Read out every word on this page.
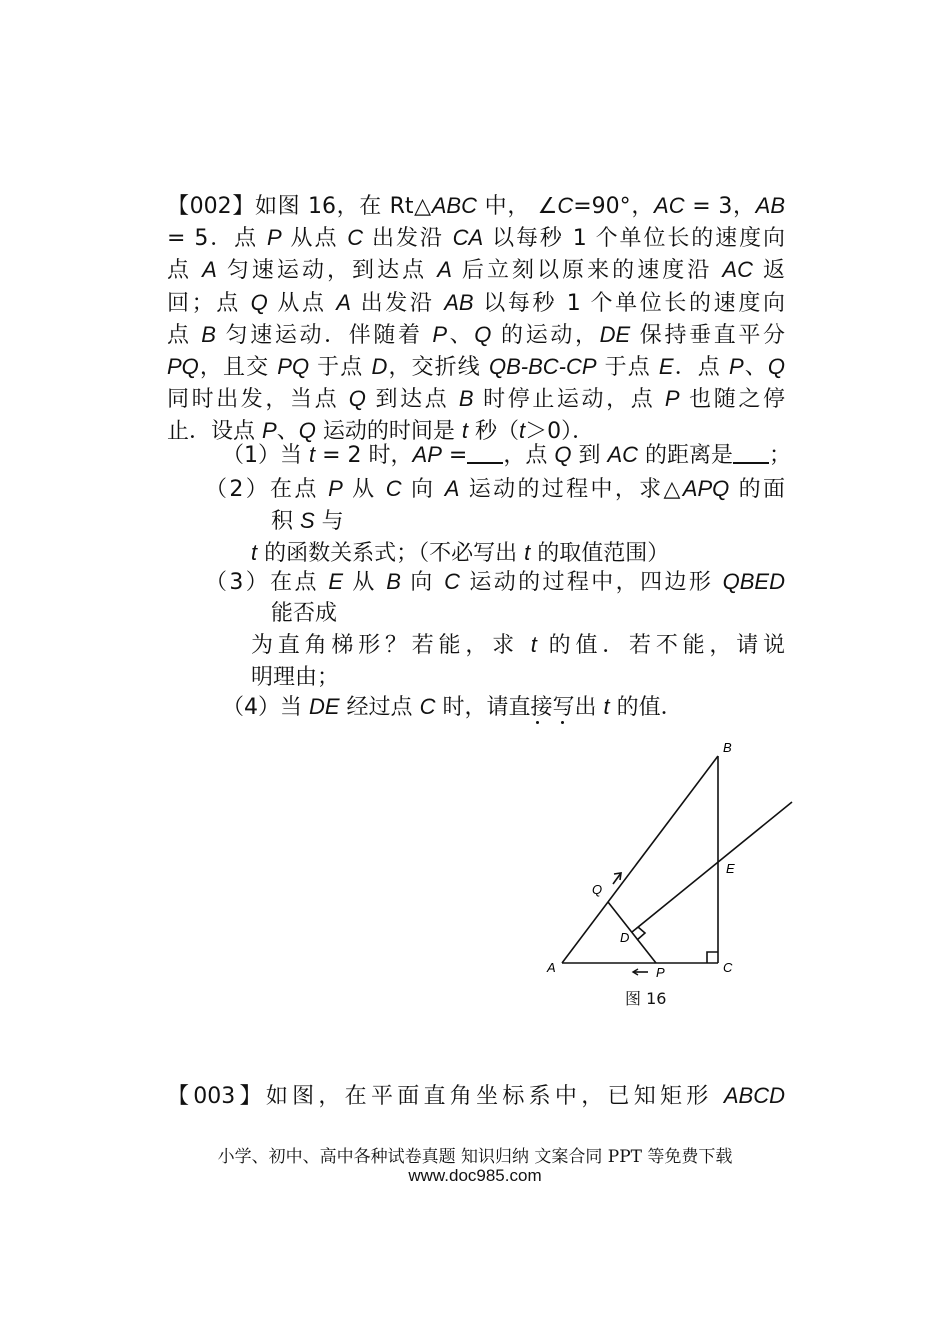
【002】如图 16，在 Rt△ABC 中， ∠C=90°，AC = 3，AB
= 5．点 P 从点 C 出发沿 CA 以每秒 1 个单位长的速度向
点 A 匀速运动，到达点 A 后立刻以原来的速度沿 AC 返
回；点 Q 从点 A 出发沿 AB 以每秒 1 个单位长的速度向
点 B 匀速运动．伴随着 P、Q 的运动，DE 保持垂直平分
PQ，且交 PQ 于点 D，交折线 QB-BC-CP 于点 E．点 P、Q
同时出发，当点 Q 到达点 B 时停止运动，点 P 也随之停
止．设点 P、Q 运动的时间是 t 秒（t＞0）．
（1）当 t = 2 时，AP = ，点 Q 到 AC 的距离是 ；
（2）在点 P 从 C 向 A 运动的过程中，求△APQ 的面
积 S 与
t 的函数关系式；（不必写出 t 的取值范围）
（3）在点 E 从 B 向 C 运动的过程中，四边形 QBED
能否成
为直角梯形？若能，求 t 的值．若不能，请说
明理由；
（4）当 DE 经过点 C 时，请直接写出 t 的值．
A
B
C
D
E
P
Q
图 16
【003】如图，在平面直角坐标系中，已知矩形 ABCD
小学、初中、高中各种试卷真题 知识归纳 文案合同 PPT 等免费下载
www.doc985.com
